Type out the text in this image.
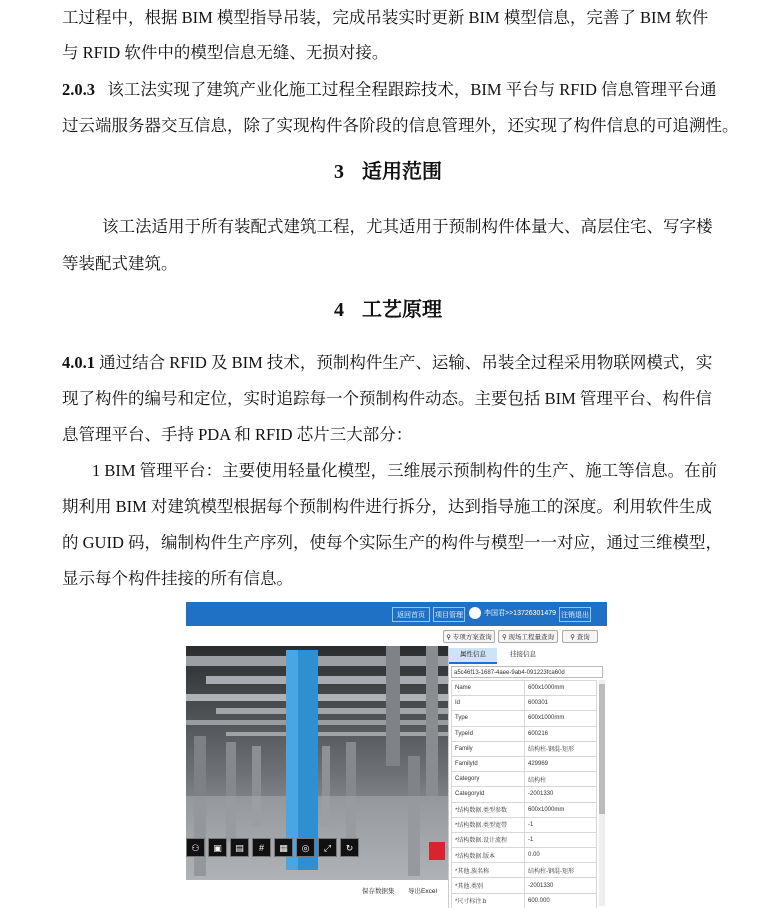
工过程中，根据 BIM 模型指导吊装，完成吊装实时更新 BIM 模型信息，完善了 BIM 软件

与 RFID 软件中的模型信息无缝、无损对接。

2.0.3 该工法实现了建筑产业化施工过程全程跟踪技术，BIM 平台与 RFID 信息管理平台通

过云端服务器交互信息，除了实现构件各阶段的信息管理外，还实现了构件信息的可追溯性。

3 适用范围

该工法适用于所有装配式建筑工程，尤其适用于预制构件体量大、高层住宅、写字楼

等装配式建筑。

4 工艺原理

4.0.1 通过结合 RFID 及 BIM 技术，预制构件生产、运输、吊装全过程采用物联网模式，实

现了构件的编号和定位，实时追踪每一个预制构件动态。主要包括 BIM 管理平台、构件信

息管理平台、手持 PDA 和 RFID 芯片三大部分：

1 BIM 管理平台：主要使用轻量化模型，三维展示预制构件的生产、施工等信息。在前

期利用 BIM 对建筑模型根据每个预制构件进行拆分，达到指导施工的深度。利用软件生成

的 GUID 码，编制构件生产序列，使每个实际生产的构件与模型一一对应，通过三维模型，

显示每个构件挂接的所有信息。

返回首页	项目管理	李国君>>13726301479 注销退出
⚲ 专项方案查询	⚲ 现场工程量查询	⚲ 查询
⚇	▣	▤	#	▦	◎	⤢	↻
保存数据集 导出Excel
属性信息	挂接信息
a5c46f13-1687-4aee-9ab4-091223fca60d
Name	600x1000mm
Id	600301
Type	600x1000mm
TypeId	600216
Family	结构柱-钢混-矩形
FamilyId	429969
Category	结构柱
CategoryId	-2001330
*结构数据.类型参数	600x1000mm
*结构数据.类型宽带	-1
*结构数据.设计流程	-1
*结构数据.版本	0.00
*其他.族名称	结构柱-钢混-矩形
*其他.类别	-2001330
*尺寸标注.b	600.000
